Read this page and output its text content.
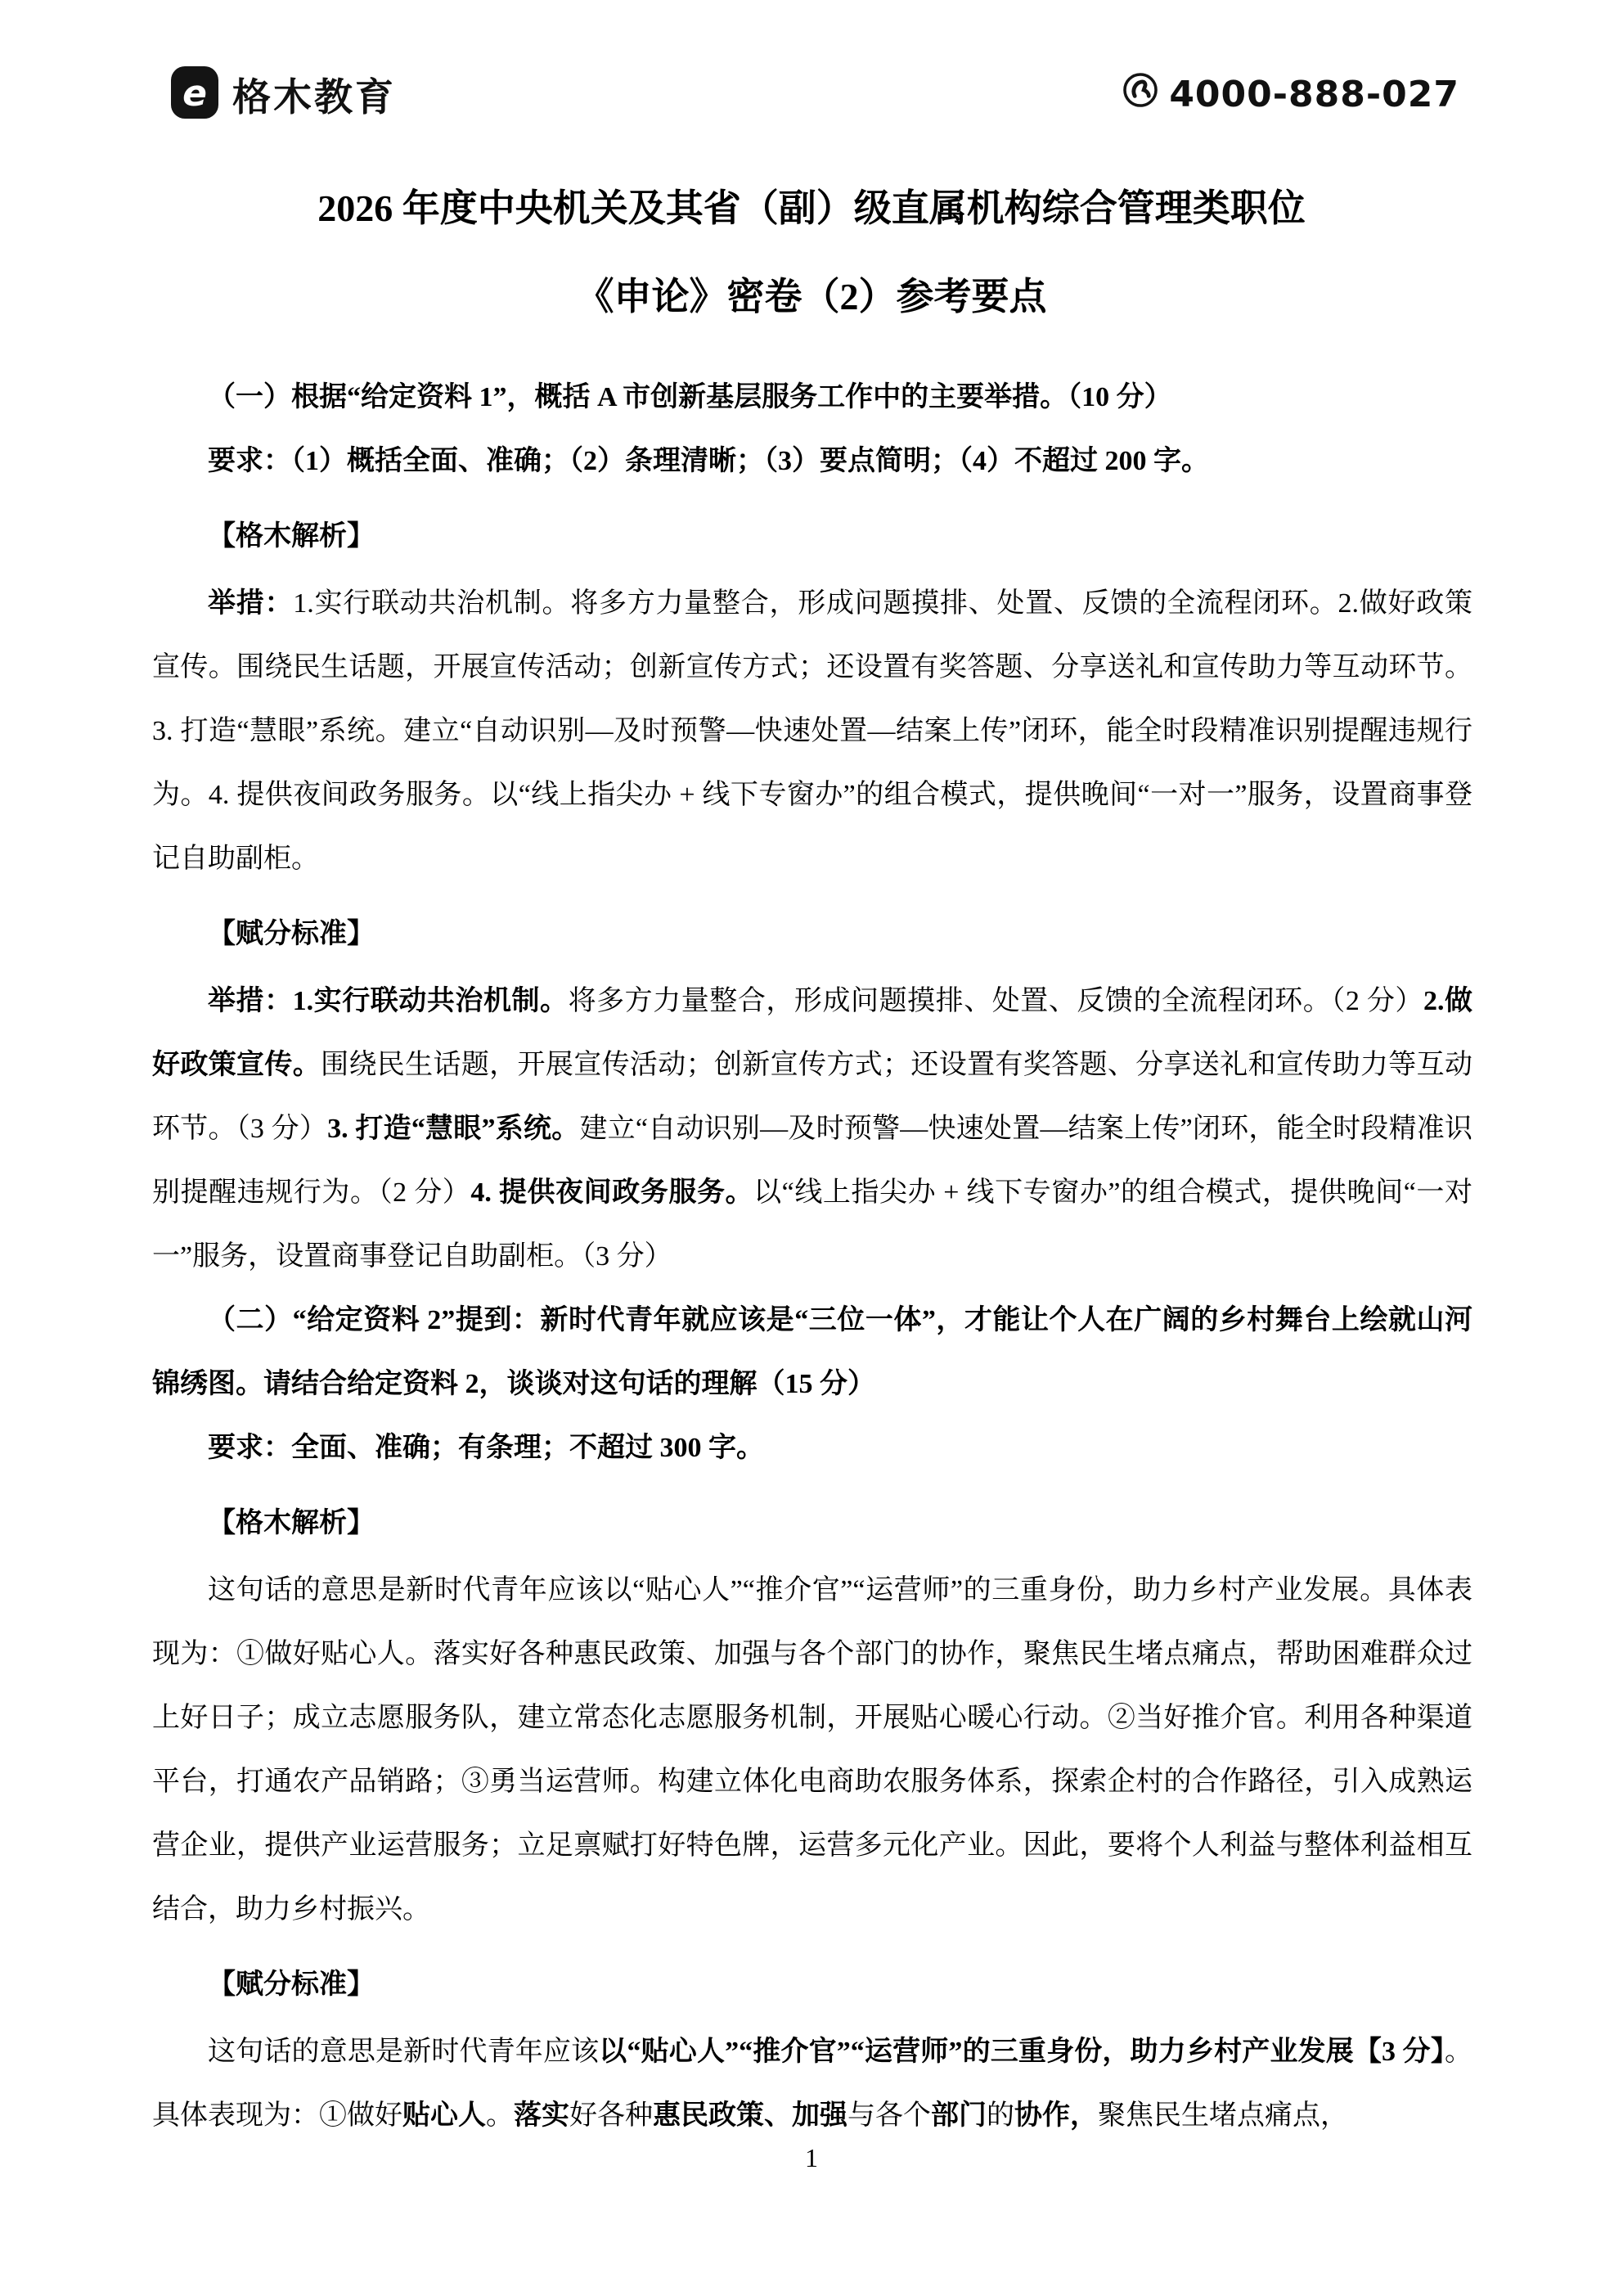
e 格木教育	4000-888-027
2026 年度中央机关及其省（副）级直属机构综合管理类职位
《申论》密卷（2）参考要点

（一）根据“给定资料 1”，概括 A 市创新基层服务工作中的主要举措。（10 分）

要求：（1）概括全面、准确；（2）条理清晰；（3）要点简明；（4）不超过 200 字。

【格木解析】

举措：1.实行联动共治机制。将多方力量整合，形成问题摸排、处置、反馈的全流程闭环。2.做好政策宣传。围绕民生话题，开展宣传活动；创新宣传方式；还设置有奖答题、分享送礼和宣传助力等互动环节。3. 打造“慧眼”系统。建立“自动识别—及时预警—快速处置—结案上传”闭环，能全时段精准识别提醒违规行为。4. 提供夜间政务服务。以“线上指尖办 + 线下专窗办”的组合模式，提供晚间“一对一”服务，设置商事登记自助副柜。

【赋分标准】

举措：1.实行联动共治机制。将多方力量整合，形成问题摸排、处置、反馈的全流程闭环。（2 分）2.做好政策宣传。围绕民生话题，开展宣传活动；创新宣传方式；还设置有奖答题、分享送礼和宣传助力等互动环节。（3 分）3. 打造“慧眼”系统。建立“自动识别—及时预警—快速处置—结案上传”闭环，能全时段精准识别提醒违规行为。（2 分）4. 提供夜间政务服务。以“线上指尖办 + 线下专窗办”的组合模式，提供晚间“一对一”服务，设置商事登记自助副柜。（3 分）

（二）“给定资料 2”提到：新时代青年就应该是“三位一体”，才能让个人在广阔的乡村舞台上绘就山河锦绣图。请结合给定资料 2，谈谈对这句话的理解（15 分）

要求：全面、准确；有条理；不超过 300 字。

【格木解析】

这句话的意思是新时代青年应该以“贴心人”“推介官”“运营师”的三重身份，助力乡村产业发展。具体表现为：①做好贴心人。落实好各种惠民政策、加强与各个部门的协作，聚焦民生堵点痛点，帮助困难群众过上好日子；成立志愿服务队，建立常态化志愿服务机制，开展贴心暖心行动。②当好推介官。利用各种渠道平台，打通农产品销路；③勇当运营师。构建立体化电商助农服务体系，探索企村的合作路径，引入成熟运营企业，提供产业运营服务；立足禀赋打好特色牌，运营多元化产业。因此，要将个人利益与整体利益相互结合，助力乡村振兴。

【赋分标准】

这句话的意思是新时代青年应该以“贴心人”“推介官”“运营师”的三重身份，助力乡村产业发展【3 分】。具体表现为：①做好贴心人。落实好各种惠民政策、加强与各个部门的协作，聚焦民生堵点痛点，

1
